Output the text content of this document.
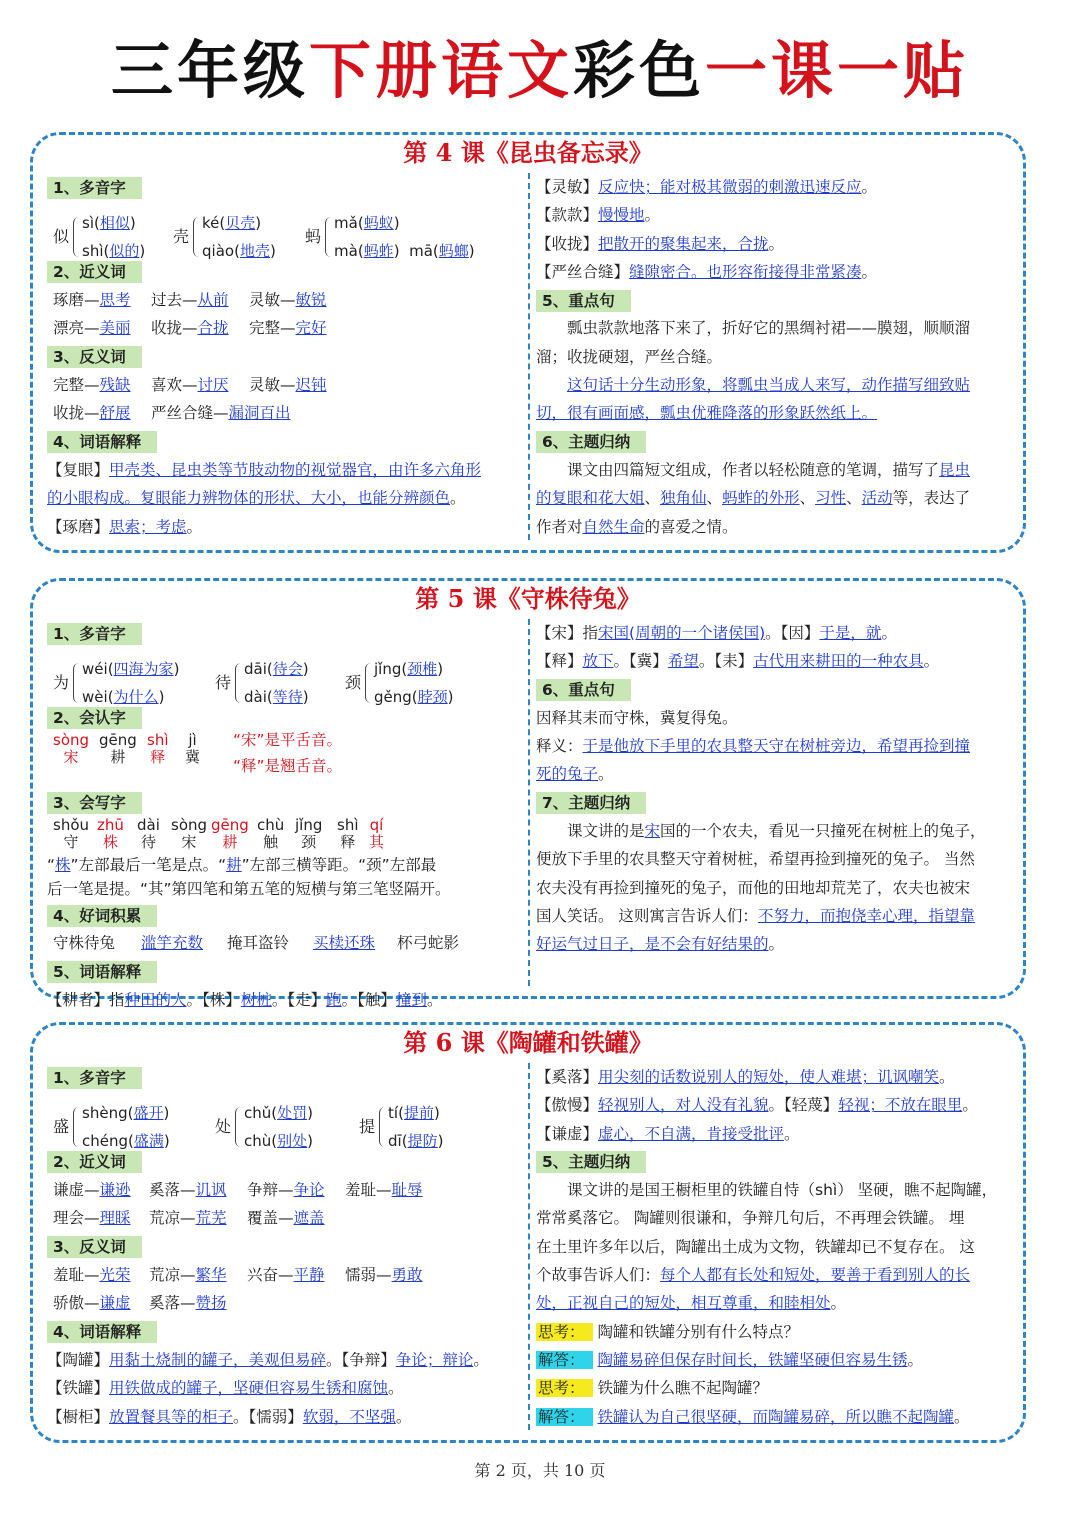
三年级下册语文彩色一课一贴
第 4 课《昆虫备忘录》
1、多音字
似
sì(相似)
shì(似的)
壳
ké(贝壳)
qiào(地壳)
蚂
mǎ(蚂蚁)
mà(蚂蚱)  mā(蚂螂)
2、近义词
琢磨—思考 过去—从前 灵敏—敏锐
漂亮—美丽 收拢—合拢 完整—完好
3、反义词
完整—残缺 喜欢—讨厌 灵敏—迟钝
收拢—舒展 严丝合缝—漏洞百出
4、词语解释
【复眼】甲壳类、昆虫类等节肢动物的视觉器官，由许多六角形
的小眼构成。复眼能力辨物体的形状、大小，也能分辨颜色。
【琢磨】思索；考虑。
【灵敏】反应快；能对极其微弱的刺激迅速反应。
【款款】慢慢地。
【收拢】把散开的聚集起来，合拢。
【严丝合缝】缝隙密合。也形容衔接得非常紧凑。
5、重点句
瓢虫款款地落下来了，折好它的黑绸衬裙——膜翅，顺顺溜
溜；收拢硬翅，严丝合缝。
这句话十分生动形象，将瓢虫当成人来写，动作描写细致贴
切，很有画面感，瓢虫优雅降落的形象跃然纸上。
6、主题归纳
课文由四篇短文组成，作者以轻松随意的笔调，描写了昆虫
的复眼和花大姐、独角仙、蚂蚱的外形、习性、活动等，表达了
作者对自然生命的喜爱之情。
第 5 课《守株待兔》
1、多音字
为
wéi(四海为家)
wèi(为什么)
待
dāi(待会)
dài(等待)
颈
jǐng(颈椎)
gěng(脖颈)
2、会认字
sòng
宋
gēng
耕
shì
释
jì
冀
“宋”是平舌音。
“释”是翘舌音。
3、会写字
shǒu
守
zhū
株
dài
待
sòng
宋
gēng
耕
chù
触
jǐng
颈
shì
释
qí
其
“株”左部最后一笔是点。“耕”左部三横等距。“颈”左部最
后一笔是提。“其”第四笔和第五笔的短横与第三笔竖隔开。
4、好词积累
守株待兔 滥竽充数 掩耳盗铃 买椟还珠 杯弓蛇影
5、词语解释
【耕者】指种田的人。【株】树桩。【走】跑。【触】撞到。
【宋】指宋国(周朝的一个诸侯国)。【因】于是，就。
【释】放下。【冀】希望。【耒】古代用来耕田的一种农具。
6、重点句
因释其耒而守株，冀复得兔。
释义：于是他放下手里的农具整天守在树桩旁边，希望再捡到撞
死的兔子。
7、主题归纳
课文讲的是宋国的一个农夫，看见一只撞死在树桩上的兔子，
便放下手里的农具整天守着树桩，希望再捡到撞死的兔子。 当然
农夫没有再捡到撞死的兔子，而他的田地却荒芜了，农夫也被宋
国人笑话。 这则寓言告诉人们：不努力，而抱侥幸心理，指望靠
好运气过日子，是不会有好结果的。
第 6 课《陶罐和铁罐》
1、多音字
盛
shèng(盛开)
chéng(盛满)
处
chǔ(处罚)
chù(别处)
提
tí(提前)
dī(提防)
2、近义词
谦虚—谦逊 奚落—讥讽 争辩—争论 羞耻—耻辱
理会—理睬 荒凉—荒芜 覆盖—遮盖
3、反义词
羞耻—光荣 荒凉—繁华 兴奋—平静 懦弱—勇敢
骄傲—谦虚 奚落—赞扬
4、词语解释
【陶罐】用黏土烧制的罐子，美观但易碎。【争辩】争论；辩论。
【铁罐】用铁做成的罐子，坚硬但容易生锈和腐蚀。
【橱柜】放置餐具等的柜子。【懦弱】软弱，不坚强。
【奚落】用尖刻的话数说别人的短处，使人难堪；讥讽嘲笑。
【傲慢】轻视别人，对人没有礼貌。【轻蔑】轻视；不放在眼里。
【谦虚】虚心，不自满，肯接受批评。
5、主题归纳
课文讲的是国王橱柜里的铁罐自恃（shì） 坚硬，瞧不起陶罐，
常常奚落它。 陶罐则很谦和，争辩几句后，不再理会铁罐。 埋
在土里许多年以后，陶罐出土成为文物，铁罐却已不复存在。 这
个故事告诉人们：每个人都有长处和短处，要善于看到别人的长
处，正视自己的短处，相互尊重，和睦相处。
思考： 陶罐和铁罐分别有什么特点？
解答： 陶罐易碎但保存时间长，铁罐坚硬但容易生锈。
思考： 铁罐为什么瞧不起陶罐？
解答： 铁罐认为自己很坚硬，而陶罐易碎，所以瞧不起陶罐。
第 2 页，共 10 页
